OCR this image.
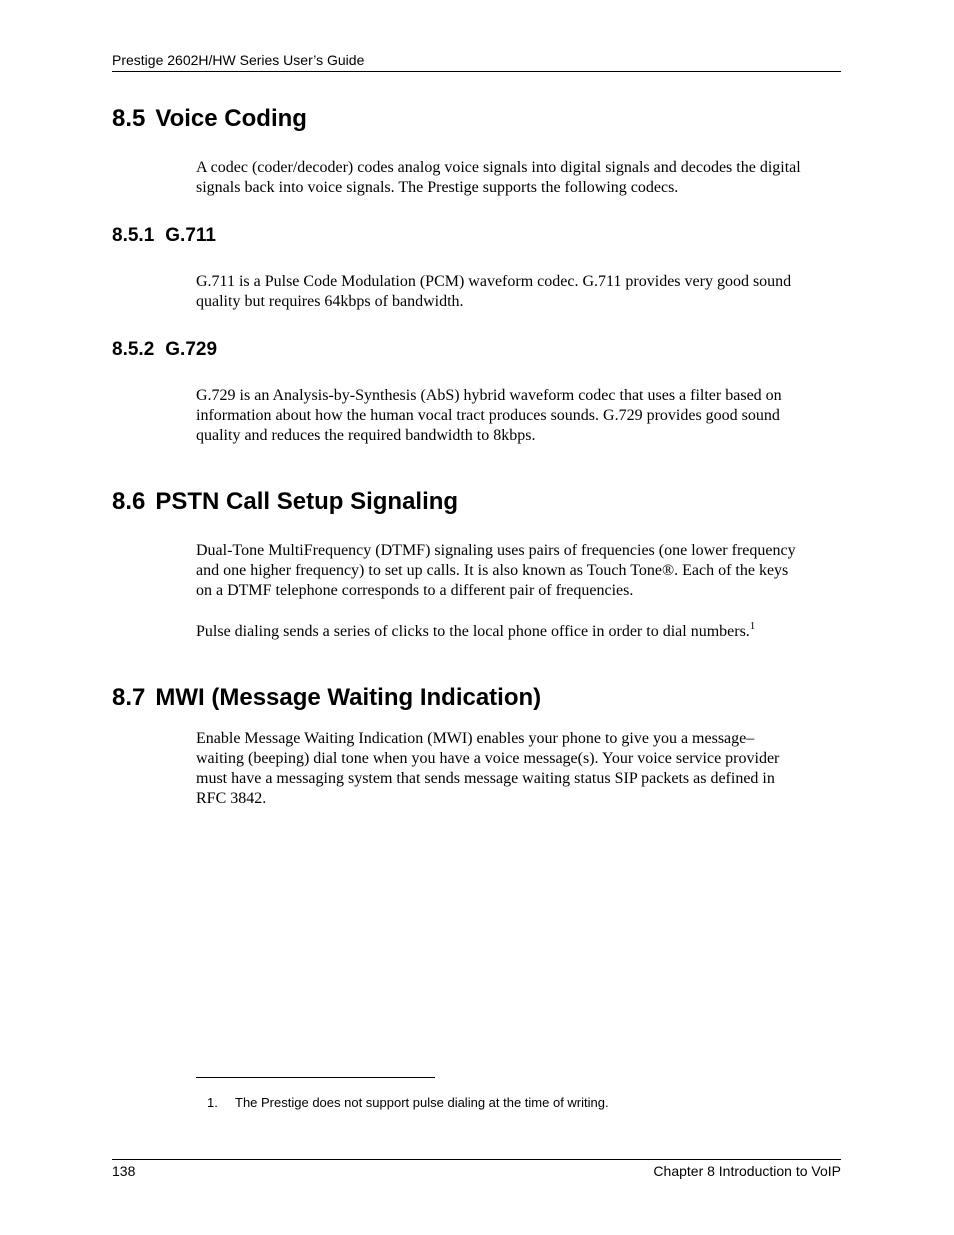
Prestige 2602H/HW Series User’s Guide
8.5 Voice Coding

A codec (coder/decoder) codes analog voice signals into digital signals and decodes the digital
signals back into voice signals. The Prestige supports the following codecs.

8.5.1 G.711

G.711 is a Pulse Code Modulation (PCM) waveform codec. G.711 provides very good sound
quality but requires 64kbps of bandwidth.

8.5.2 G.729

G.729 is an Analysis-by-Synthesis (AbS) hybrid waveform codec that uses a filter based on
information about how the human vocal tract produces sounds. G.729 provides good sound
quality and reduces the required bandwidth to 8kbps.

8.6 PSTN Call Setup Signaling

Dual-Tone MultiFrequency (DTMF) signaling uses pairs of frequencies (one lower frequency
and one higher frequency) to set up calls. It is also known as Touch Tone®. Each of the keys
on a DTMF telephone corresponds to a different pair of frequencies.

Pulse dialing sends a series of clicks to the local phone office in order to dial numbers.$^1$

8.7 MWI (Message Waiting Indication)

Enable Message Waiting Indication (MWI) enables your phone to give you a message–
waiting (beeping) dial tone when you have a voice message(s). Your voice service provider
must have a messaging system that sends message waiting status SIP packets as defined in
RFC 3842.

1. The Prestige does not support pulse dialing at the time of writing.
138	Chapter 8 Introduction to VoIP
